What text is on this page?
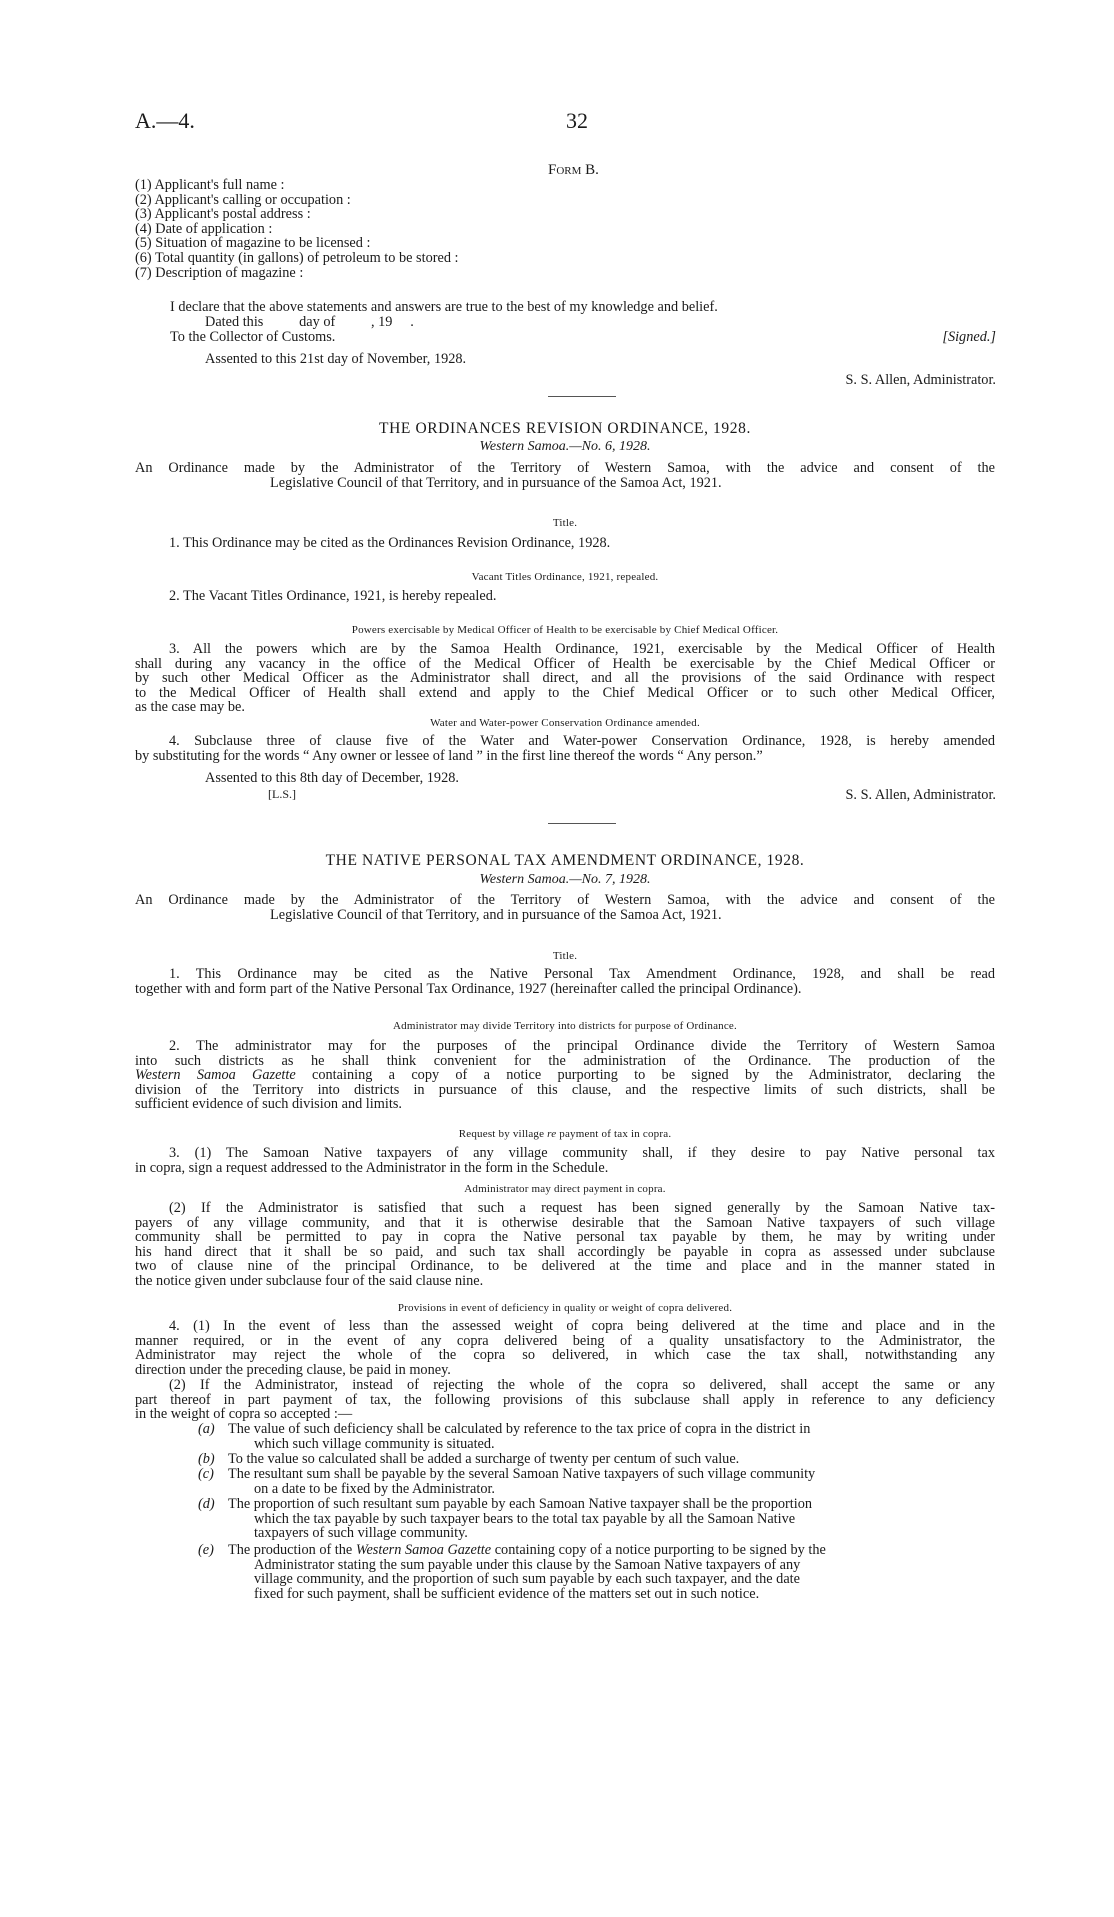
A.—4.	32
Form B.
(1) Applicant's full name :
(2) Applicant's calling or occupation :
(3) Applicant's postal address :
(4) Date of application :
(5) Situation of magazine to be licensed :
(6) Total quantity (in gallons) of petroleum to be stored :
(7) Description of magazine :
I declare that the above statements and answers are true to the best of my knowledge and belief.
Dated this          day of          , 19     .
To the Collector of Customs.	[Signed.]
Assented to this 21st day of November, 1928.
S. S. Allen, Administrator.
THE ORDINANCES REVISION ORDINANCE, 1928.
Western Samoa.—No. 6, 1928.
An Ordinance made by the Administrator of the Territory of Western Samoa, with the advice and consent of the
Legislative Council of that Territory, and in pursuance of the Samoa Act, 1921.
Title.
1. This Ordinance may be cited as the Ordinances Revision Ordinance, 1928.
Vacant Titles Ordinance, 1921, repealed.
2. The Vacant Titles Ordinance, 1921, is hereby repealed.
Powers exercisable by Medical Officer of Health to be exercisable by Chief Medical Officer.
3. All the powers which are by the Samoa Health Ordinance, 1921, exercisable by the Medical Officer of Health
shall during any vacancy in the office of the Medical Officer of Health be exercisable by the Chief Medical Officer or
by such other Medical Officer as the Administrator shall direct, and all the provisions of the said Ordinance with respect
to the Medical Officer of Health shall extend and apply to the Chief Medical Officer or to such other Medical Officer,
as the case may be.
Water and Water-power Conservation Ordinance amended.
4. Subclause three of clause five of the Water and Water-power Conservation Ordinance, 1928, is hereby amended
by substituting for the words “ Any owner or lessee of land ” in the first line thereof the words “ Any person.”
Assented to this 8th day of December, 1928.
[L.S.]	S. S. Allen, Administrator.
THE NATIVE PERSONAL TAX AMENDMENT ORDINANCE, 1928.
Western Samoa.—No. 7, 1928.
An Ordinance made by the Administrator of the Territory of Western Samoa, with the advice and consent of the
Legislative Council of that Territory, and in pursuance of the Samoa Act, 1921.
Title.
1. This Ordinance may be cited as the Native Personal Tax Amendment Ordinance, 1928, and shall be read
together with and form part of the Native Personal Tax Ordinance, 1927 (hereinafter called the principal Ordinance).
Administrator may divide Territory into districts for purpose of Ordinance.
2. The administrator may for the purposes of the principal Ordinance divide the Territory of Western Samoa
into such districts as he shall think convenient for the administration of the Ordinance. The production of the
Western Samoa Gazette containing a copy of a notice purporting to be signed by the Administrator, declaring the
division of the Territory into districts in pursuance of this clause, and the respective limits of such districts, shall be
sufficient evidence of such division and limits.
Request by village re payment of tax in copra.
3. (1) The Samoan Native taxpayers of any village community shall, if they desire to pay Native personal tax
in copra, sign a request addressed to the Administrator in the form in the Schedule.
Administrator may direct payment in copra.
(2) If the Administrator is satisfied that such a request has been signed generally by the Samoan Native tax-
payers of any village community, and that it is otherwise desirable that the Samoan Native taxpayers of such village
community shall be permitted to pay in copra the Native personal tax payable by them, he may by writing under
his hand direct that it shall be so paid, and such tax shall accordingly be payable in copra as assessed under subclause
two of clause nine of the principal Ordinance, to be delivered at the time and place and in the manner stated in
the notice given under subclause four of the said clause nine.
Provisions in event of deficiency in quality or weight of copra delivered.
4. (1) In the event of less than the assessed weight of copra being delivered at the time and place and in the
manner required, or in the event of any copra delivered being of a quality unsatisfactory to the Administrator, the
Administrator may reject the whole of the copra so delivered, in which case the tax shall, notwithstanding any
direction under the preceding clause, be paid in money.
(2) If the Administrator, instead of rejecting the whole of the copra so delivered, shall accept the same or any
part thereof in part payment of tax, the following provisions of this subclause shall apply in reference to any deficiency
in the weight of copra so accepted :—
(a) The value of such deficiency shall be calculated by reference to the tax price of copra in the district in
which such village community is situated.
(b) To the value so calculated shall be added a surcharge of twenty per centum of such value.
(c) The resultant sum shall be payable by the several Samoan Native taxpayers of such village community
on a date to be fixed by the Administrator.
(d) The proportion of such resultant sum payable by each Samoan Native taxpayer shall be the proportion
which the tax payable by such taxpayer bears to the total tax payable by all the Samoan Native
taxpayers of such village community.
(e) The production of the Western Samoa Gazette containing copy of a notice purporting to be signed by the
Administrator stating the sum payable under this clause by the Samoan Native taxpayers of any
village community, and the proportion of such sum payable by each such taxpayer, and the date
fixed for such payment, shall be sufficient evidence of the matters set out in such notice.
